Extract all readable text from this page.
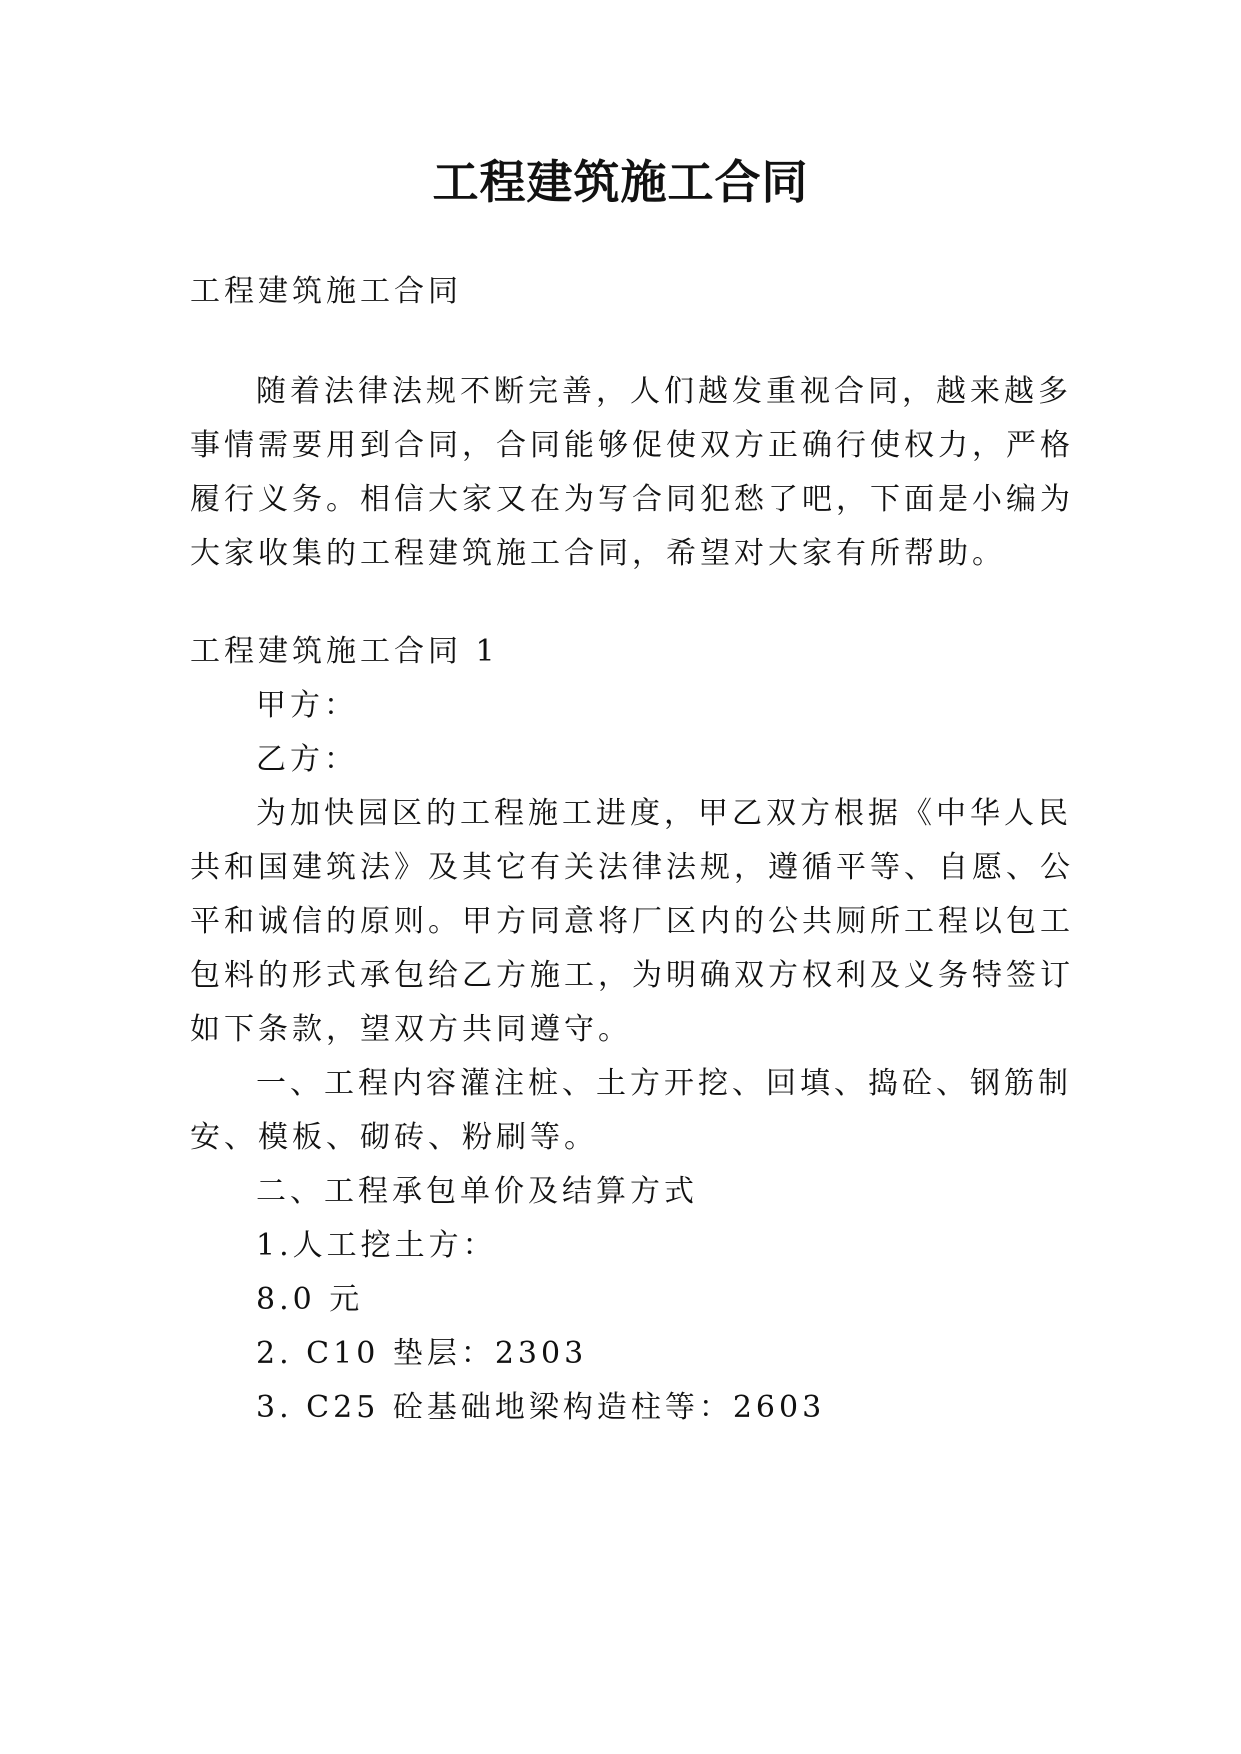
工程建筑施工合同
工程建筑施工合同
随着法律法规不断完善，人们越发重视合同，越来越多
事情需要用到合同，合同能够促使双方正确行使权力，严格
履行义务。相信大家又在为写合同犯愁了吧，下面是小编为
大家收集的工程建筑施工合同，希望对大家有所帮助。
工程建筑施工合同 1
甲方：
乙方：
为加快园区的工程施工进度，甲乙双方根据《中华人民
共和国建筑法》及其它有关法律法规，遵循平等、自愿、公
平和诚信的原则。甲方同意将厂区内的公共厕所工程以包工
包料的形式承包给乙方施工，为明确双方权利及义务特签订
如下条款，望双方共同遵守。
一、工程内容灌注桩、土方开挖、回填、捣砼、钢筋制
安、模板、砌砖、粉刷等。
二、工程承包单价及结算方式
1.人工挖土方：
8.0 元
2. C10 垫层：2303
3. C25 砼基础地梁构造柱等：2603
